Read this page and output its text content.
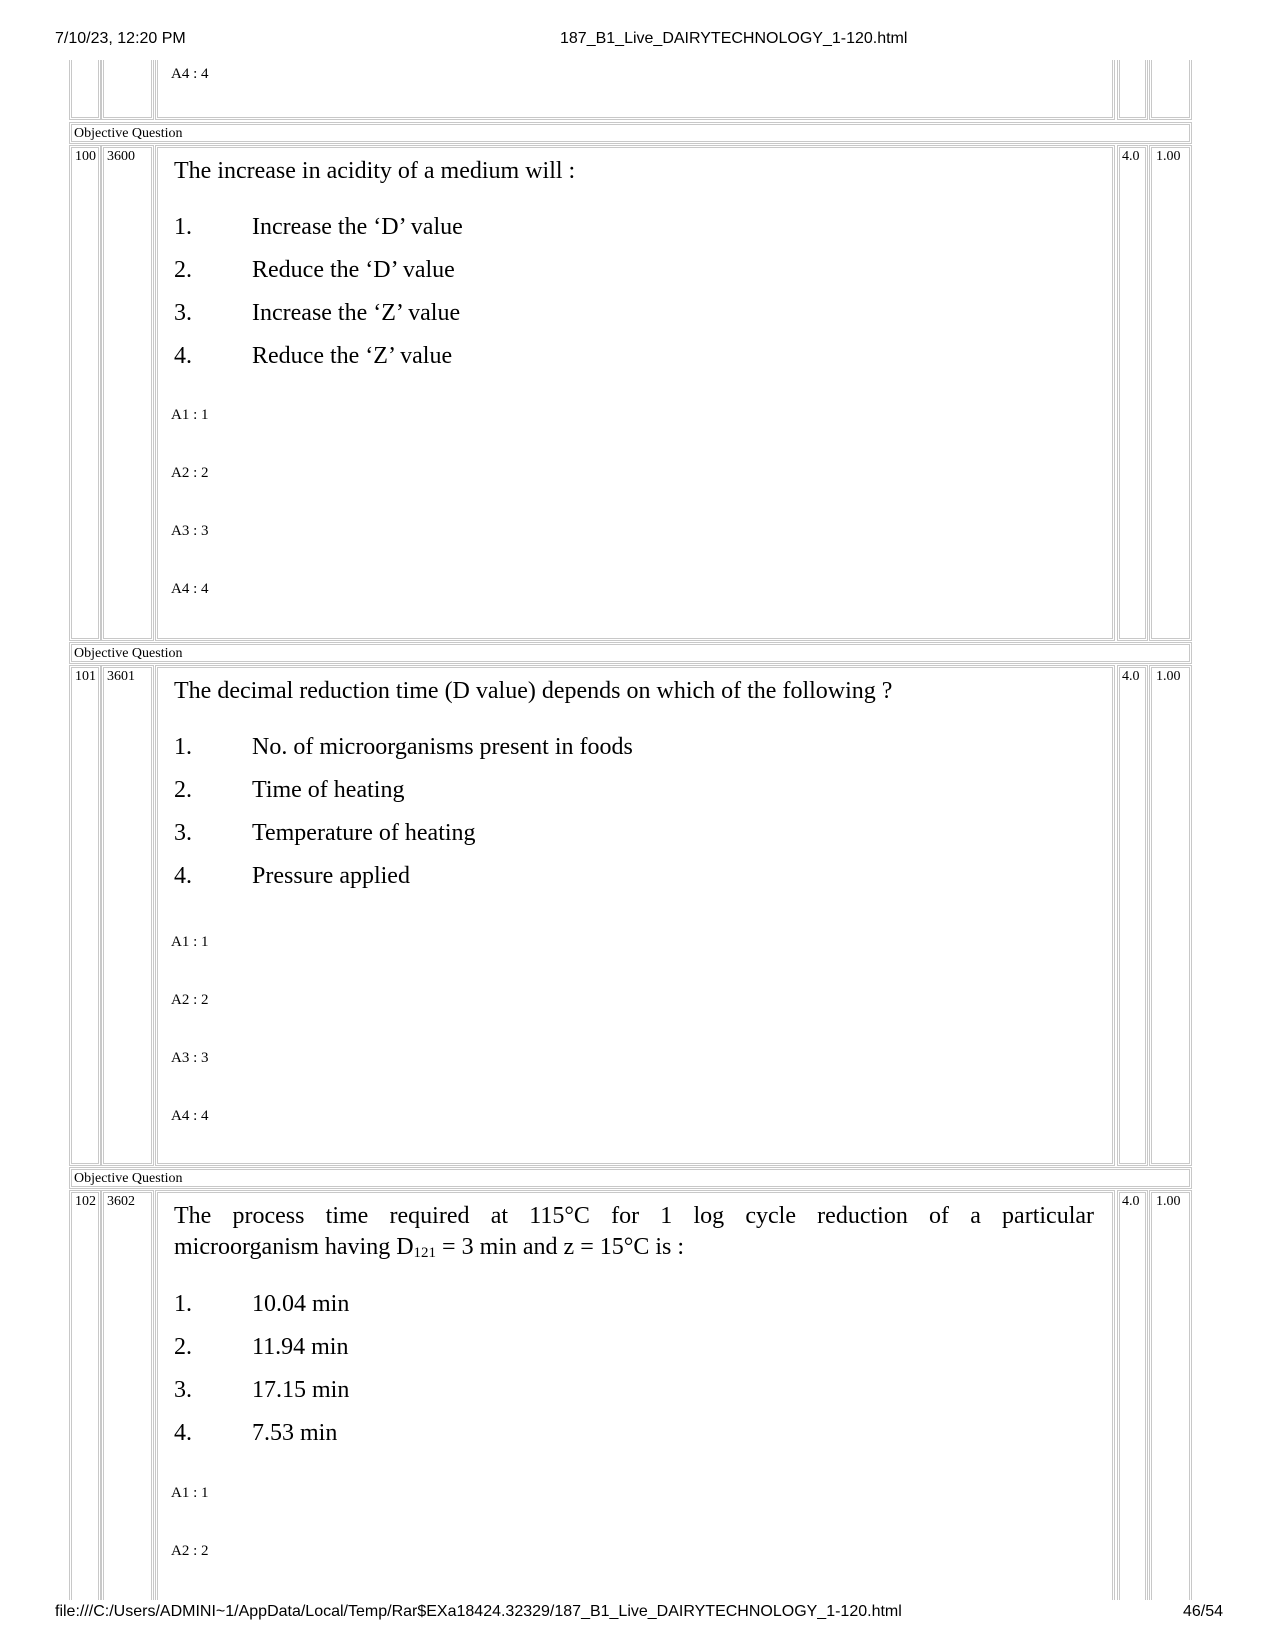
7/10/23, 12:20 PM	187_B1_Live_DAIRYTECHNOLOGY_1-120.html
A4 : 4
Objective Question
100 3600
The increase in acidity of a medium will :
1.	Increase the ‘D’ value
2.	Reduce the ‘D’ value
3.	Increase the ‘Z’ value
4.	Reduce the ‘Z’ value
A1 : 1
A2 : 2
A3 : 3
A4 : 4
4.0 1.00
Objective Question
101 3601
The decimal reduction time (D value) depends on which of the following ?
1.	No. of microorganisms present in foods
2.	Time of heating
3.	Temperature of heating
4.	Pressure applied
A1 : 1
A2 : 2
A3 : 3
A4 : 4
4.0 1.00
Objective Question
102 3602
The process time required at 115°C for 1 log cycle reduction of a particular
microorganism having $D_{121} = 3$ min and z = 15°C is :
1.	10.04 min
2.	11.94 min
3.	17.15 min
4.	7.53 min
A1 : 1
A2 : 2
4.0 1.00
file:///C:/Users/ADMINI~1/AppData/Local/Temp/Rar$EXa18424.32329/187_B1_Live_DAIRYTECHNOLOGY_1-120.html	46/54
